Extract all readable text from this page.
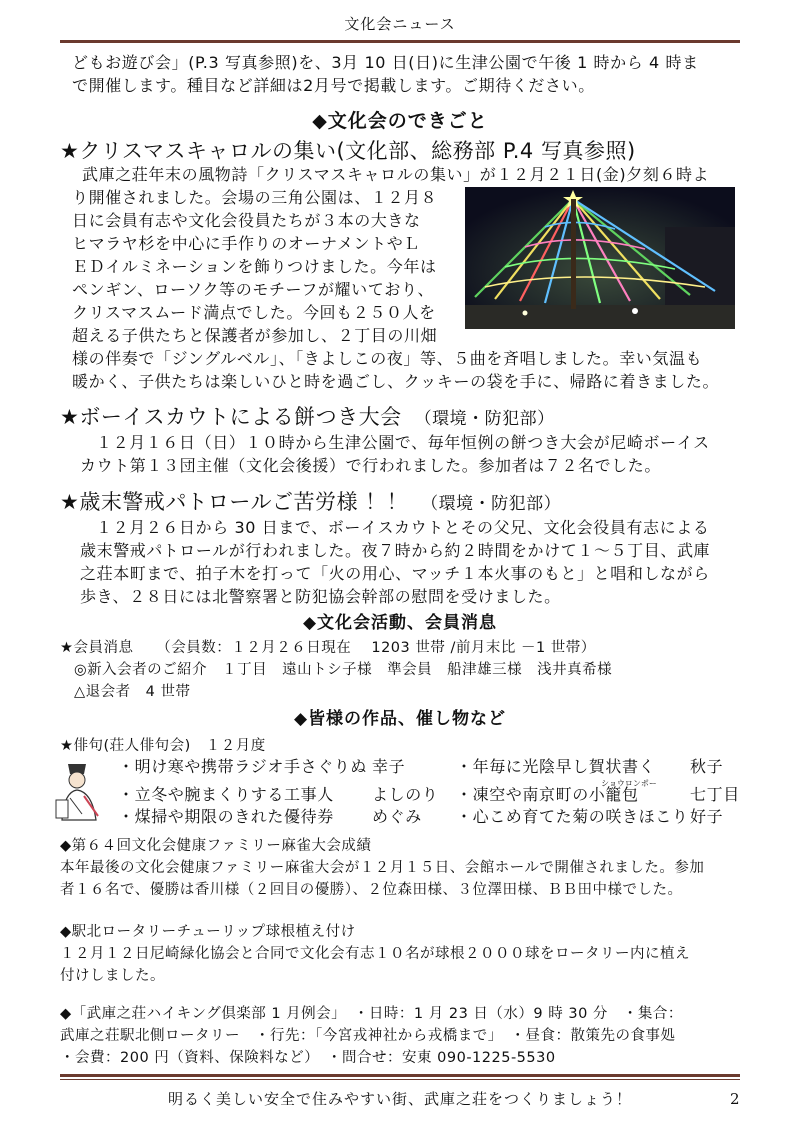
文化会ニュース
どもお遊び会」(P.3 写真参照)を、3月 10 日(日)に生津公園で午後 1 時から 4 時ま
で開催します。種目など詳細は2月号で掲載します。ご期待ください。
◆文化会のできごと
★クリスマスキャロルの集い(文化部、総務部 P.4 写真参照)
武庫之荘年末の風物詩「クリスマスキャロルの集い」が１２月２１日(金)夕刻６時よ
り開催されました。会場の三角公園は、１２月８
日に会員有志や文化会役員たちが３本の大きな
ヒマラヤ杉を中心に手作りのオーナメントやＬ
ＥＤイルミネーションを飾りつけました。今年は
ペンギン、ローソク等のモチーフが耀いており、
クリスマスムード満点でした。今回も２５０人を
超える子供たちと保護者が参加し、２丁目の川畑
様の伴奏で「ジングルベル」、「きよしこの夜」等、５曲を斉唱しました。幸い気温も
暖かく、子供たちは楽しいひと時を過ごし、クッキーの袋を手に、帰路に着きました。
★ボーイスカウトによる餅つき大会　 （環境・防犯部）
１２月１６日（日）１０時から生津公園で、毎年恒例の餅つき大会が尼崎ボーイス
カウト第１３団主催（文化会後援）で行われました。参加者は７２名でした。
★歳末警戒パトロールご苦労様 ！！　 （環境・防犯部）
１２月２６日から 30 日まで、ボーイスカウトとその父兄、文化会役員有志による
歳末警戒パトロールが行われました。夜７時から約２時間をかけて１～５丁目、武庫
之荘本町まで、拍子木を打って「火の用心、マッチ１本火事のもと」と唱和しながら
歩き、２８日には北警察署と防犯協会幹部の慰問を受けました。
◆文化会活動、会員消息
★会員消息　　（会員数：１２月２６日現在　 1203 世帯 /前月末比 －1 世帯）
◎新入会者のご紹介　１丁目　遠山トシ子様　準会員　船津雄三様　浅井真希様
△退会者　4 世帯
◆皆様の作品、催し物など
★俳句(荘人俳句会)　１２月度
・明け寒や携帯ラジオ手さぐりぬ 幸子	・年毎に光陰早し賀状書く 秋子
ショウロンポー
・立冬や腕まくりする工事人 よしのり ・凍空や南京町の小籠包	七丁目
・煤掃や期限のきれた優待券 めぐみ ・心こめ育てた菊の咲きほこり 好子
◆第６４回文化会健康ファミリー麻雀大会成績
本年最後の文化会健康ファミリー麻雀大会が１２月１５日、会館ホールで開催されました。参加
者１６名で、優勝は香川様（２回目の優勝）、２位森田様、３位澤田様、ＢＢ田中様でした。
◆駅北ロータリーチューリップ球根植え付け
１２月１２日尼崎緑化協会と合同で文化会有志１０名が球根２０００球をロータリー内に植え
付けしました。
◆「武庫之荘ハイキング倶楽部 1 月例会」　・日時：1 月 23 日（水）9 時 30 分　・集合：
武庫之荘駅北側ロータリー　・行先：「今宮戎神社から戎橋まで」　・昼食：散策先の食事処
・会費：200 円（資料、保険料など）　・問合せ：安東 090-1225-5530
明るく美しい安全で住みやすい街、武庫之荘をつくりましょう！	2
